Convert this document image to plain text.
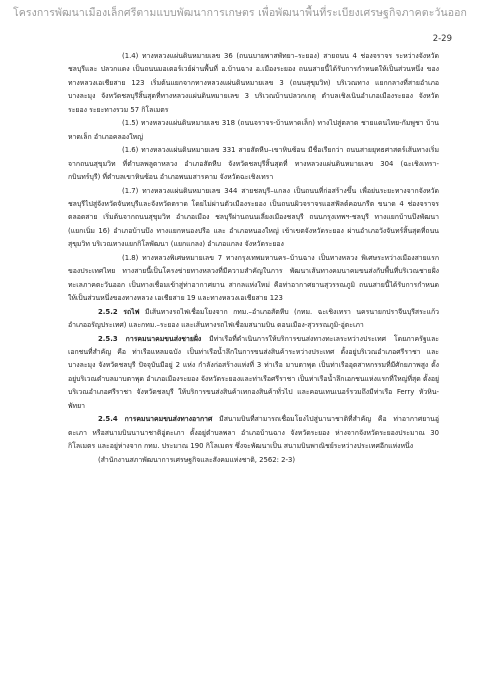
โครงการพัฒนาเมืองเล็กศรีตามแบบพัฒนาการเกษตร เพื่อพัฒนาพื้นที่ระเบียงเศรษฐกิจภาคตะวันออก
2-29

(1.4) ทางหลวงแผ่นดินหมายเลข 36 (ถนนบายพาสพัทยา–ระยอง) สายถนน 4 ช่องจราจร ระหว่างจังหวัดชลบุรีและ ปลวกแดง เป็นถนนมอเตอร์เวย์ผ่านพื้นที่ อ.บ้านฉาง อ.เมืองระยอง ถนนสายนี้ได้รับการกำหนดให้เป็นส่วนหนึ่ง ของทางหลวงเอเชียสาย 123 เริ่มต้นแยกจากทางหลวงแผ่นดินหมายเลข 3 (ถนนสุขุมวิท) บริเวณทาง แยกกลางที่สายอำเภอบางละมุง จังหวัดชลบุรีสิ้นสุดที่ทางหลวงแผ่นดินหมายเลข 3 บริเวณบ้านปลวกเกตุ ตำบลเชิงเนินอำเภอเมืองระยอง จังหวัดระยอง ระยะทางรวม 57 กิโลเมตร

(1.5) ทางหลวงแผ่นดินหมายเลข 318 (ถนนจราจร-บ้านหาดเล็ก) ทางไปสู่ตลาด ชายแดนไทย-กัมพูชา บ้านหาดเล็ก อำเภอคลองใหญ่

(1.6) ทางหลวงแผ่นดินหมายเลข 331 สายสัตหีบ–เขาหินซ้อน มีชื่อเรียกว่า ถนนสายยุทธศาสตร์เส้นทางเริ่มจากถนนสุขุมวิท ที่ตำบลพลูตาหลวง อำเภอสัตหีบ จังหวัดชลบุรีสิ้นสุดที่ ทางหลวงแผ่นดินหมายเลข 304 (ฉะเชิงเทรา-กบินทร์บุรี) ที่ตำบลเขาหินซ้อน อำเภอพนมสารคาม จังหวัดฉะเชิงเทรา

(1.7) ทางหลวงแผ่นดินหมายเลข 344 สายชลบุรี–แกลง เป็นถนนที่ก่อสร้างขึ้น เพื่อย่นระยะทางจากจังหวัดชลบุรีไปสู่จังหวัดจันทบุรีและจังหวัดตราด โดยไม่ผ่านตัวเมืองระยอง เป็นถนนผิวจราจรแอสฟัลต์คอนกรีต ขนาด 4 ช่องจราจรตลอดสาย เริ่มต้นจากถนนสุขุมวิท อำเภอเมือง ชลบุรีผ่านถนนเลี่ยงเมืองชลบุรี ถนนกรุงเทพฯ-ชลบุรี ทางแยกบ้านบึงพัฒนา (แยกเนิ่ม 16) อำเภอบ้านบึง ทางแยกหนองปรือ และ อำเภอหนองใหญ่ เข้าเขตจังหวัดระยอง ผ่านอำเภอวังจันทร์สิ้นสุดที่ถนนสุขุมวิท บริเวณทางแยกกิโลพัฒนา (แยกแกลง) อำเภอแกลง จังหวัดระยอง

(1.8) ทางหลวงพิเศษหมายเลข 7 ทางกรุงเทพมหานคร–บ้านฉาง เป็นทางหลวง พิเศษระหว่างเมืองสายแรกของประเทศไทย ทางสายนี้เป็นโครงข่ายทางหลวงที่มีความสำคัญในการ พัฒนาเส้นทางคมนาคมขนส่งกับพื้นที่บริเวณชายฝั่งทะเลภาคตะวันออก เป็นทางเชื่อมเข้าสู่ท่าอากาศยาน สากลแห่งใหม่ คือท่าอากาศยานสุวรรณภูมิ ถนนสายนี้ได้รับการกำหนดให้เป็นส่วนหนึ่งของทางหลวง เอเชียสาย 19 และทางหลวงเอเชียสาย 123

2.5.2 รถไฟ มีเส้นทางรถไฟเชื่อมโยงจาก กทม.–อำเภอสัตหีบ (กทม. ฉะเชิงเทรา นครนายกปราจีนบุรีสระแก้ว อำเภออรัญประเทศ) และกทม.–ระยอง และเส้นทางรถไฟเชื่อมสนามบิน ดอนเมือง-สุวรรณภูมิ-อู่ตะเภา

2.5.3 การคมนาคมขนส่งชายฝั่ง มีท่าเรือที่ดำเนินการให้บริการขนส่งทางทะเลระหว่างประเทศ โดยภาครัฐและเอกชนที่สำคัญ คือ ท่าเรือแหลมฉบัง เป็นท่าเรือน้ำลึกในการขนส่งสินค้าระหว่างประเทศ ตั้งอยู่บริเวณอำเภอศรีราชา และบางละมุง จังหวัดชลบุรี ปัจจุบันมีอยู่ 2 แห่ง กำลังก่อสร้างแห่งที่ 3 ท่าเรือ มาบตาพุด เป็นท่าเรืออุตสาหกรรมที่มีศักยภาพสูง ตั้งอยู่บริเวณตำบลมาบตาพุด อำเภอเมืองระยอง จังหวัดระยองและท่าเรือศรีราชา เป็นท่าเรือน้ำลึกเอกชนแห่งแรกที่ใหญ่ที่สุด ตั้งอยู่บริเวณอำเภอศรีราชา จังหวัดชลบุรี ให้บริการขนส่งสินค้าเทกองสินค้าทั่วไป และคอนเทนเนอร์รวมถึงมีท่าเรือ Ferry หัวหิน-พัทยา

2.5.4 การคมนาคมขนส่งทางอากาศ มีสนามบินที่สามารถเชื่อมโยงไปสู่นานาชาติที่สำคัญ คือ ท่าอากาศยานอู่ตะเภา หรือสนามบินนานาชาติอู่ตะเภา ตั้งอยู่ตำบลพลา อำเภอบ้านฉาง จังหวัดระยอง ห่างจากจังหวัดระยองประมาณ 30 กิโลเมตร และอยู่ห่างจาก กทม. ประมาณ 190 กิโลเมตร ซึ่งจะพัฒนาเป็น สนามบินพาณิชย์ระหว่างประเทศอีกแห่งหนึ่ง

(สำนักงานสภาพัฒนาการเศรษฐกิจและสังคมแห่งชาติ, 2562: 2-3)
